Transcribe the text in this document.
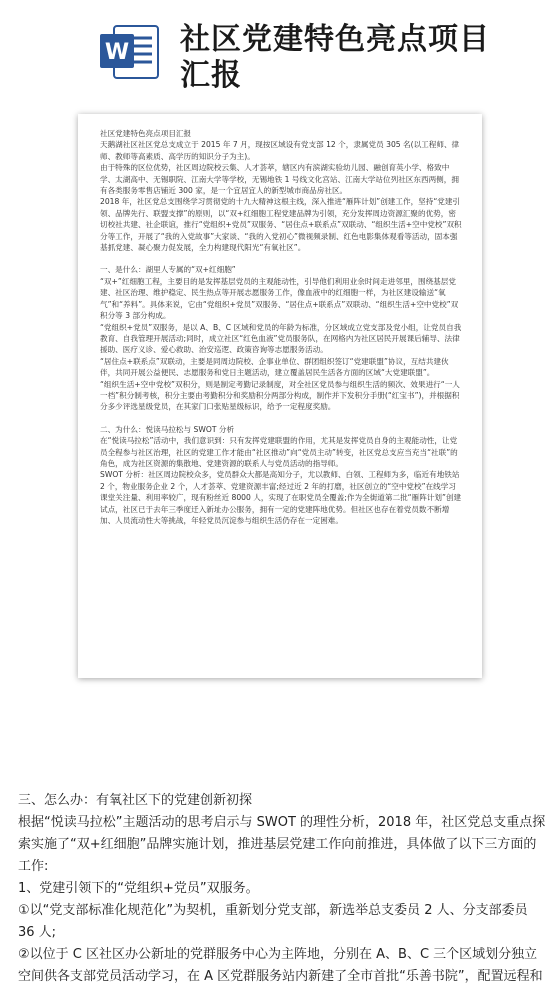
W 社区党建特色亮点项目汇报

社区党建特色亮点项目汇报

天鹅湖社区社区党总支成立于 2015 年 7 月，现按区域设有党支部 12 个，隶属党员 305 名(以工程师、律师、教师等高素质、高学历的知识分子为主)。

由于特殊的区位优势，社区周边院校云集、人才荟萃，辖区内有滨湖实验幼儿园、融创育英小学、格致中学、太湖高中、无锡职院、江南大学等学校，无锡地铁 1 号线文化宫站、江南大学站位列社区东西两侧，拥有各类服务零售店铺近 300 家，是一个宜居宜人的新型城市商品房社区。

2018 年，社区党总支围绕学习贯彻党的十九大精神这根主线，深入推进“雁阵计划”创建工作，坚持“党建引领、品牌先行、联盟支撑”的原则，以“双+红细胞工程党建品牌为引领，充分发挥周边资源汇聚的优势，密切校社共建、社企联谊，推行“党组织+党员”双服务、“居住点+联系点”双联动、“组织生活+空中党校”双积分等工作，开展了“我的入党故事”大家谈、“我的入党初心”微视频录制、红色电影集体观看等活动，固本强基抓党建、凝心聚力促发展，全力构建现代阳光“有氧社区”。

一、是什么：湖里人专属的“双+红细胞”

“双+”红细胞工程，主要目的是发挥基层党员的主观能动性，引导他们利用业余时间走进邻里，围绕基层党建、社区治理、维护稳定、民生热点等开展志愿服务工作，像血液中的红细胞一样，为社区建设输送“氧气”和“养料”。具体来说，它由“党组织+党员”双服务、“居住点+联系点”双联动、“组织生活+空中党校”双积分等 3 部分构成。

“党组织+党员”双服务，是以 A、B、C 区域和党员的年龄为标准，分区域成立党支部及党小组，让党员自我教育、自我管理开展活动;同时，成立社区“红色血液”党员服务队，在网格内为社区居民开展课后辅导、法律援助、医疗义诊、爱心救助、治安巡逻、政策咨询等志愿服务活动。

“居住点+联系点”双联动，主要是同周边院校、企事业单位、群团组织签订“党建联盟”协议，互结共建伙伴，共同开展公益便民、志愿服务和党日主题活动，建立覆盖居民生活各方面的区域“大党建联盟”。

“组织生活+空中党校”双积分，则是制定考勤记录制度，对全社区党员参与组织生活的频次、效果进行“一人一档”积分制考核，积分主要由考勤积分和奖励积分两部分构成，制作并下发积分手册(“红宝书”)，并根据积分多少评选星级党员，在其家门口张贴星级标识，给予一定程度奖励。

二、为什么：悦读马拉松与 SWOT 分析

在“悦读马拉松”活动中，我们意识到：只有发挥党建联盟的作用，尤其是发挥党员自身的主观能动性，让党员全程参与社区治理，社区的党建工作才能由“社区推动”向“党员主动”转变，社区党总支应当充当“社联”的角色，成为社区资源的集散地、党建资源的联系人与党员活动的指导师。

SWOT 分析：社区周边院校众多，党员群众大都是高知分子，尤以教师、白领、工程师为多，临近有地铁站 2 个，物业服务企业 2 个，人才荟萃、党建资源丰富;经过近 2 年的打磨，社区创立的“空中党校”在线学习课堂关注量、利用率较广，现有粉丝近 8000 人，实现了在职党员全覆盖;作为全街道第二批“雁阵计划”创建试点，社区已于去年三季度迁入新址办公服务，拥有一定的党建阵地优势。但社区也存在着党员数不断增加、人员流动性大等挑战，年轻党员沉淀参与组织生活仍存在一定困难。

三、怎么办：有氧社区下的党建创新初探

根据“悦读马拉松”主题活动的思考启示与 SWOT 的理性分析，2018 年，社区党总支重点探索实施了“双+红细胞”品牌实施计划，推进基层党建工作向前推进，具体做了以下三方面的工作:

1、党建引领下的“党组织+党员”双服务。

①以“党支部标准化规范化”为契机，重新划分党支部，新选举总支委员 2 人、分支部委员 36 人;

②以位于 C 区社区办公新址的党群服务中心为主阵地，分别在 A、B、C 三个区域划分独立空间供各支部党员活动学习，在 A 区党群服务站内新建了全市首批“乐善书院”，配置远程和
